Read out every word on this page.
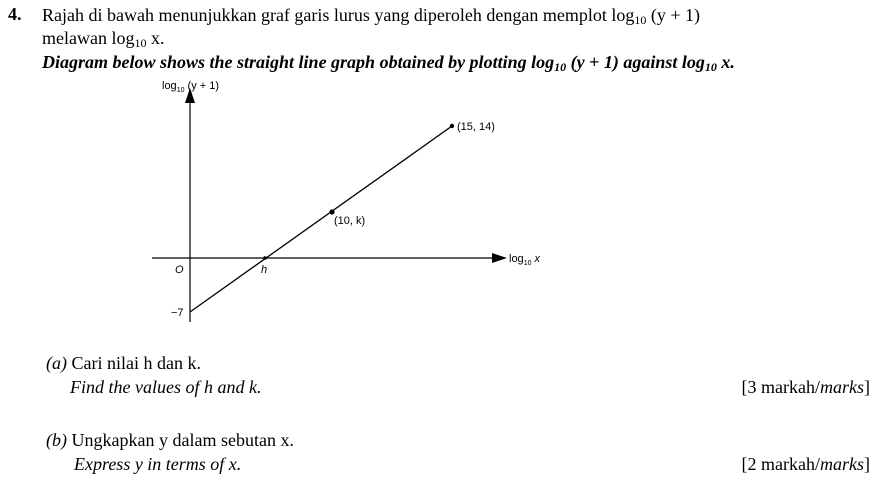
4. Rajah di bawah menunjukkan graf garis lurus yang diperoleh dengan memplot $\log_{10} (y + 1)$
melawan $\log_{10} x$.
Diagram below shows the straight line graph obtained by plotting $\log_{10} (y + 1)$ against $\log_{10} x$.
$\log_{10} (y + 1)$
$\log_{10} x$
O	h
−7
(15, 14)
(10, k)
(a) Cari nilai h dan k.
Find the values of h and k.	[3 markah/marks]
(b) Ungkapkan y dalam sebutan x.
Express y in terms of x.	[2 markah/marks]
